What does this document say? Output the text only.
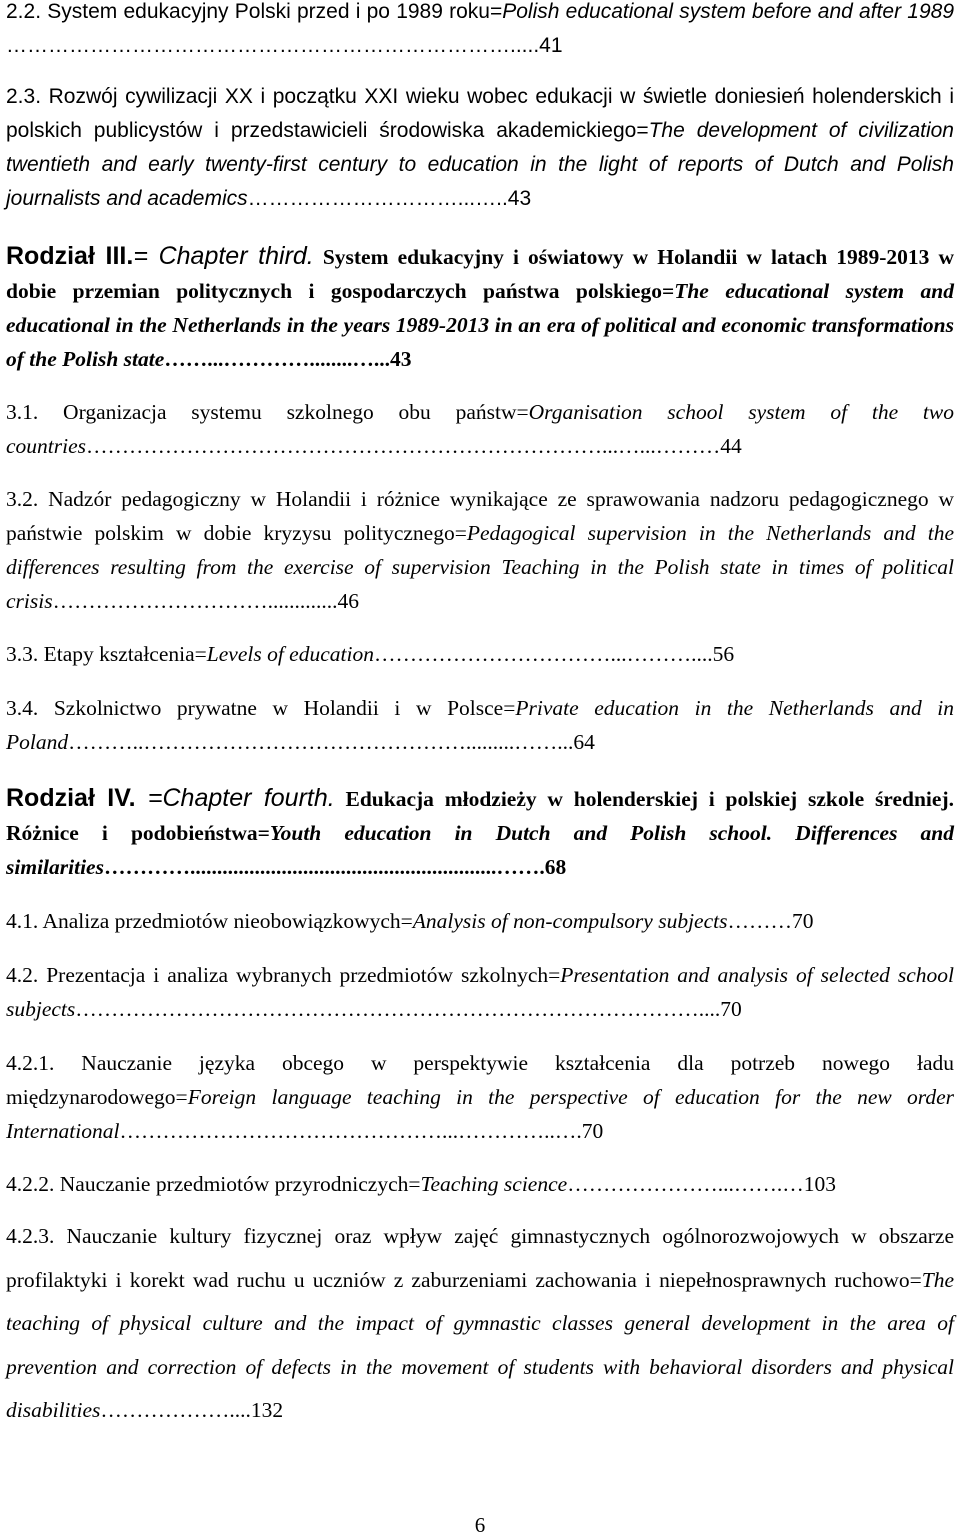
2.2. System edukacyjny Polski przed i po 1989 roku=Polish educational system before and after 1989 ……………………………………………………………….....41

2.3. Rozwój cywilizacji XX i początku XXI wieku wobec edukacji w świetle doniesień holenderskich i polskich publicystów i przedstawicieli środowiska akademickiego=The development of civilization twentieth and early twenty-first century to education in the light of reports of Dutch and Polish journalists and academics…………………………...…..43

Rodział III.= Chapter third. System edukacyjny i oświatowy w Holandii w latach 1989-2013 w dobie przemian politycznych i gospodarczych państwa polskiego=The educational system and educational in the Netherlands in the years 1989-2013 in an era of political and economic transformations of the Polish state……...…………........…...43

3.1. Organizacja systemu szkolnego obu państw=Organisation school system of the two countries………………………………………………………………...…...………44

3.2. Nadzór pedagogiczny w Holandii i różnice wynikające ze sprawowania nadzoru pedagogicznego w państwie polskim w dobie kryzysu politycznego=Pedagogical supervision in the Netherlands and the differences resulting from the exercise of supervision Teaching in the Polish state in times of political crisis………………………….............46

3.3. Etapy kształcenia=Levels of education……………………………...………....56

3.4. Szkolnictwo prywatne w Holandii i w Polsce=Private education in the Netherlands and in Poland………..……………………………………….........……...64

Rodział IV. =Chapter fourth. Edukacja młodzieży w holenderskiej i polskiej szkole średniej. Różnice i podobieństwa=Youth education in Dutch and Polish school. Differences and similarities………….........................................................…….68

4.1. Analiza przedmiotów nieobowiązkowych=Analysis of non-compulsory subjects………70

4.2. Prezentacja i analiza wybranych przedmiotów szkolnych=Presentation and analysis of selected school subjects……………………………………………………………………………....70

4.2.1. Nauczanie języka obcego w perspektywie kształcenia dla potrzeb nowego ładu międzynarodowego=Foreign language teaching in the perspective of education for the new order International………………………………………...…………..….70

4.2.2. Nauczanie przedmiotów przyrodniczych=Teaching science…………………...…….…103

4.2.3. Nauczanie kultury fizycznej oraz wpływ zajęć gimnastycznych ogólnorozwojowych w obszarze profilaktyki i korekt wad ruchu u uczniów z zaburzeniami zachowania i niepełnosprawnych ruchowo=The teaching of physical culture and the impact of gymnastic classes general development in the area of prevention and correction of defects in the movement of students with behavioral disorders and physical disabilities………………....132

6
